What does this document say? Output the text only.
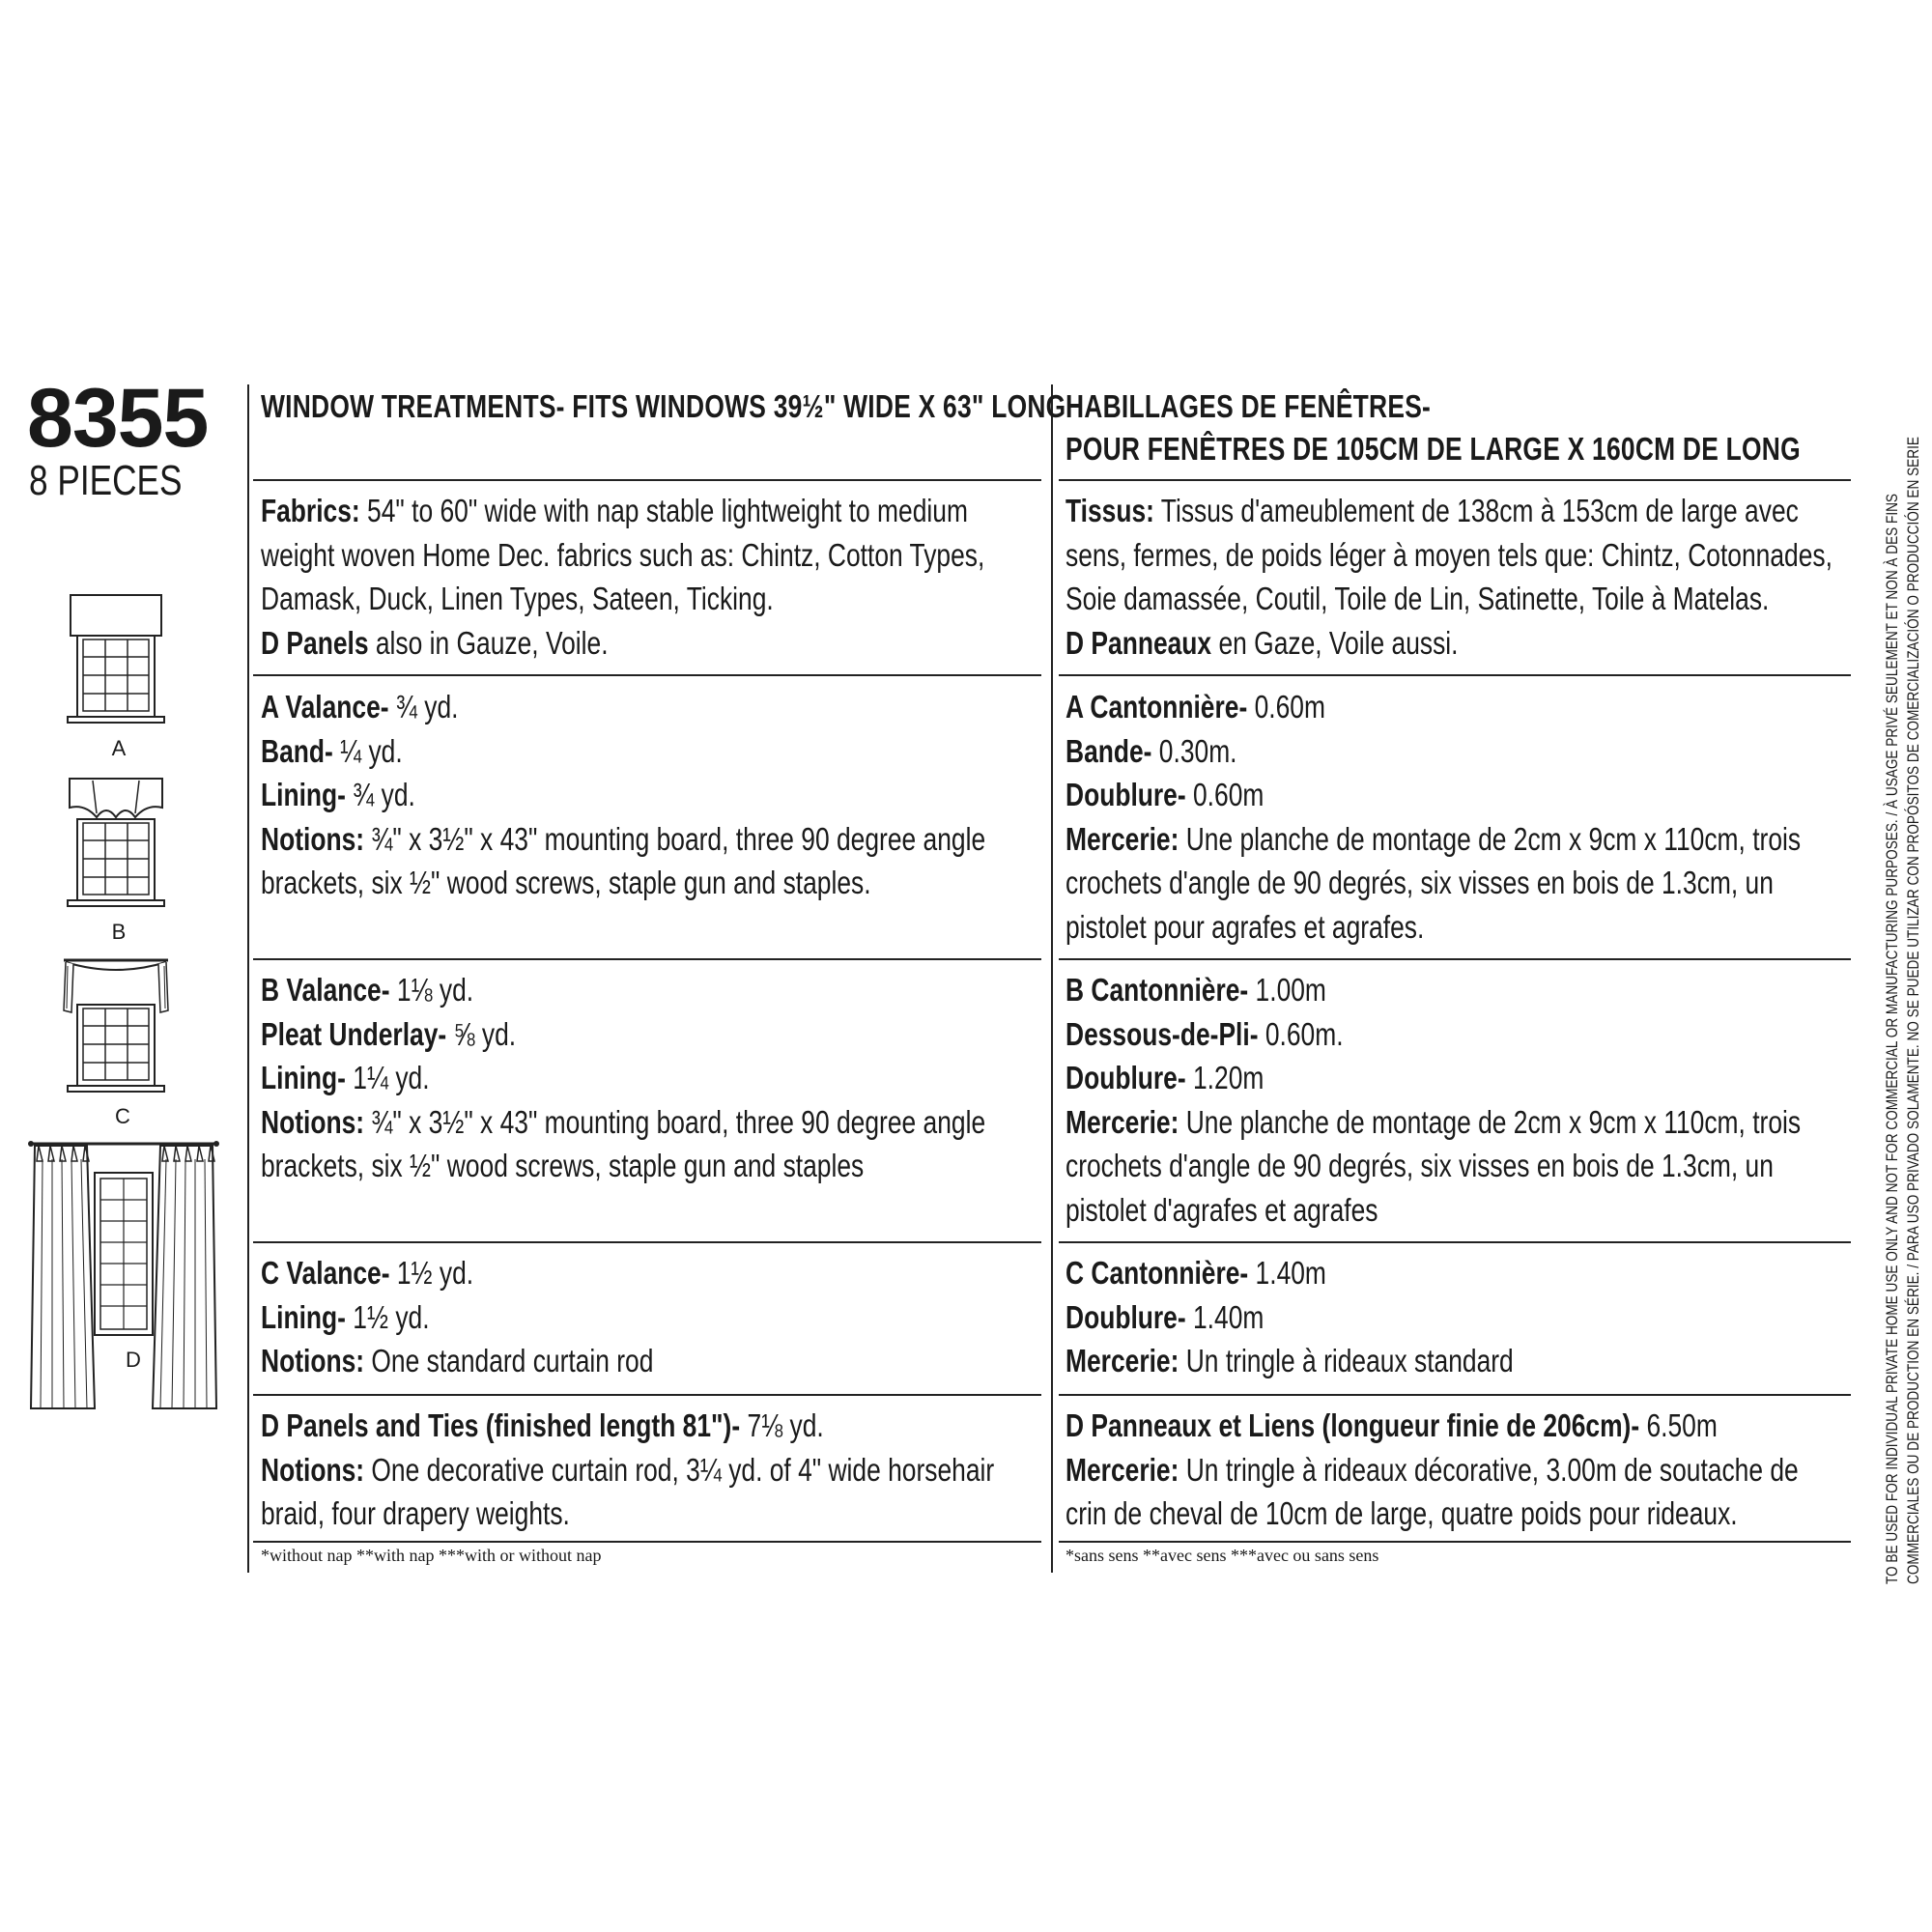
8355
8 PIECES
A
B
C
D
WINDOW TREATMENTS- FITS WINDOWS 39½" WIDE X 63" LONG
Fabrics: 54" to 60" wide with nap stable lightweight to medium
weight woven Home Dec. fabrics such as: Chintz, Cotton Types,
Damask, Duck, Linen Types, Sateen, Ticking.
D Panels also in Gauze, Voile.
A Valance- ¾ yd.
Band- ¼ yd.
Lining- ¾ yd.
Notions: ¾" x 3½" x 43" mounting board, three 90 degree angle
brackets, six ½" wood screws, staple gun and staples.
B Valance- 1⅛ yd.
Pleat Underlay- ⅝ yd.
Lining- 1¼ yd.
Notions: ¾" x 3½" x 43" mounting board, three 90 degree angle
brackets, six ½" wood screws, staple gun and staples
C Valance- 1½ yd.
Lining- 1½ yd.
Notions: One standard curtain rod
D Panels and Ties (finished length 81")- 7⅛ yd.
Notions: One decorative curtain rod, 3¼ yd. of 4" wide horsehair
braid, four drapery weights.
*without nap **with nap ***with or without nap
HABILLAGES DE FENÊTRES-
POUR FENÊTRES DE 105CM DE LARGE X 160CM DE LONG
Tissus: Tissus d'ameublement de 138cm à 153cm de large avec
sens, fermes, de poids léger à moyen tels que: Chintz, Cotonnades,
Soie damassée, Coutil, Toile de Lin, Satinette, Toile à Matelas.
D Panneaux en Gaze, Voile aussi.
A Cantonnière- 0.60m
Bande- 0.30m.
Doublure- 0.60m
Mercerie: Une planche de montage de 2cm x 9cm x 110cm, trois
crochets d'angle de 90 degrés, six visses en bois de 1.3cm, un
pistolet pour agrafes et agrafes.
B Cantonnière- 1.00m
Dessous-de-Pli- 0.60m.
Doublure- 1.20m
Mercerie: Une planche de montage de 2cm x 9cm x 110cm, trois
crochets d'angle de 90 degrés, six visses en bois de 1.3cm, un
pistolet d'agrafes et agrafes
C Cantonnière- 1.40m
Doublure- 1.40m
Mercerie: Un tringle à rideaux standard
D Panneaux et Liens (longueur finie de 206cm)- 6.50m
Mercerie: Un tringle à rideaux décorative, 3.00m de soutache de
crin de cheval de 10cm de large, quatre poids pour rideaux.
*sans sens **avec sens ***avec ou sans sens	TO BE USED FOR INDIVIDUAL PRIVATE HOME USE ONLY AND NOT FOR COMMERCIAL OR MANUFACTURING PURPOSES. / À USAGE PRIVÉ SEULEMENT ET NON À DES FINS COMMERCIALES OU DE PRODUCTION EN SÉRIE. / PARA USO PRIVADO SOLAMENTE. NO SE PUEDE UTILIZAR CON PROPÓSITOS DE COMERCIALIZACIÓN O PRODUCCIÓN EN SERIE
